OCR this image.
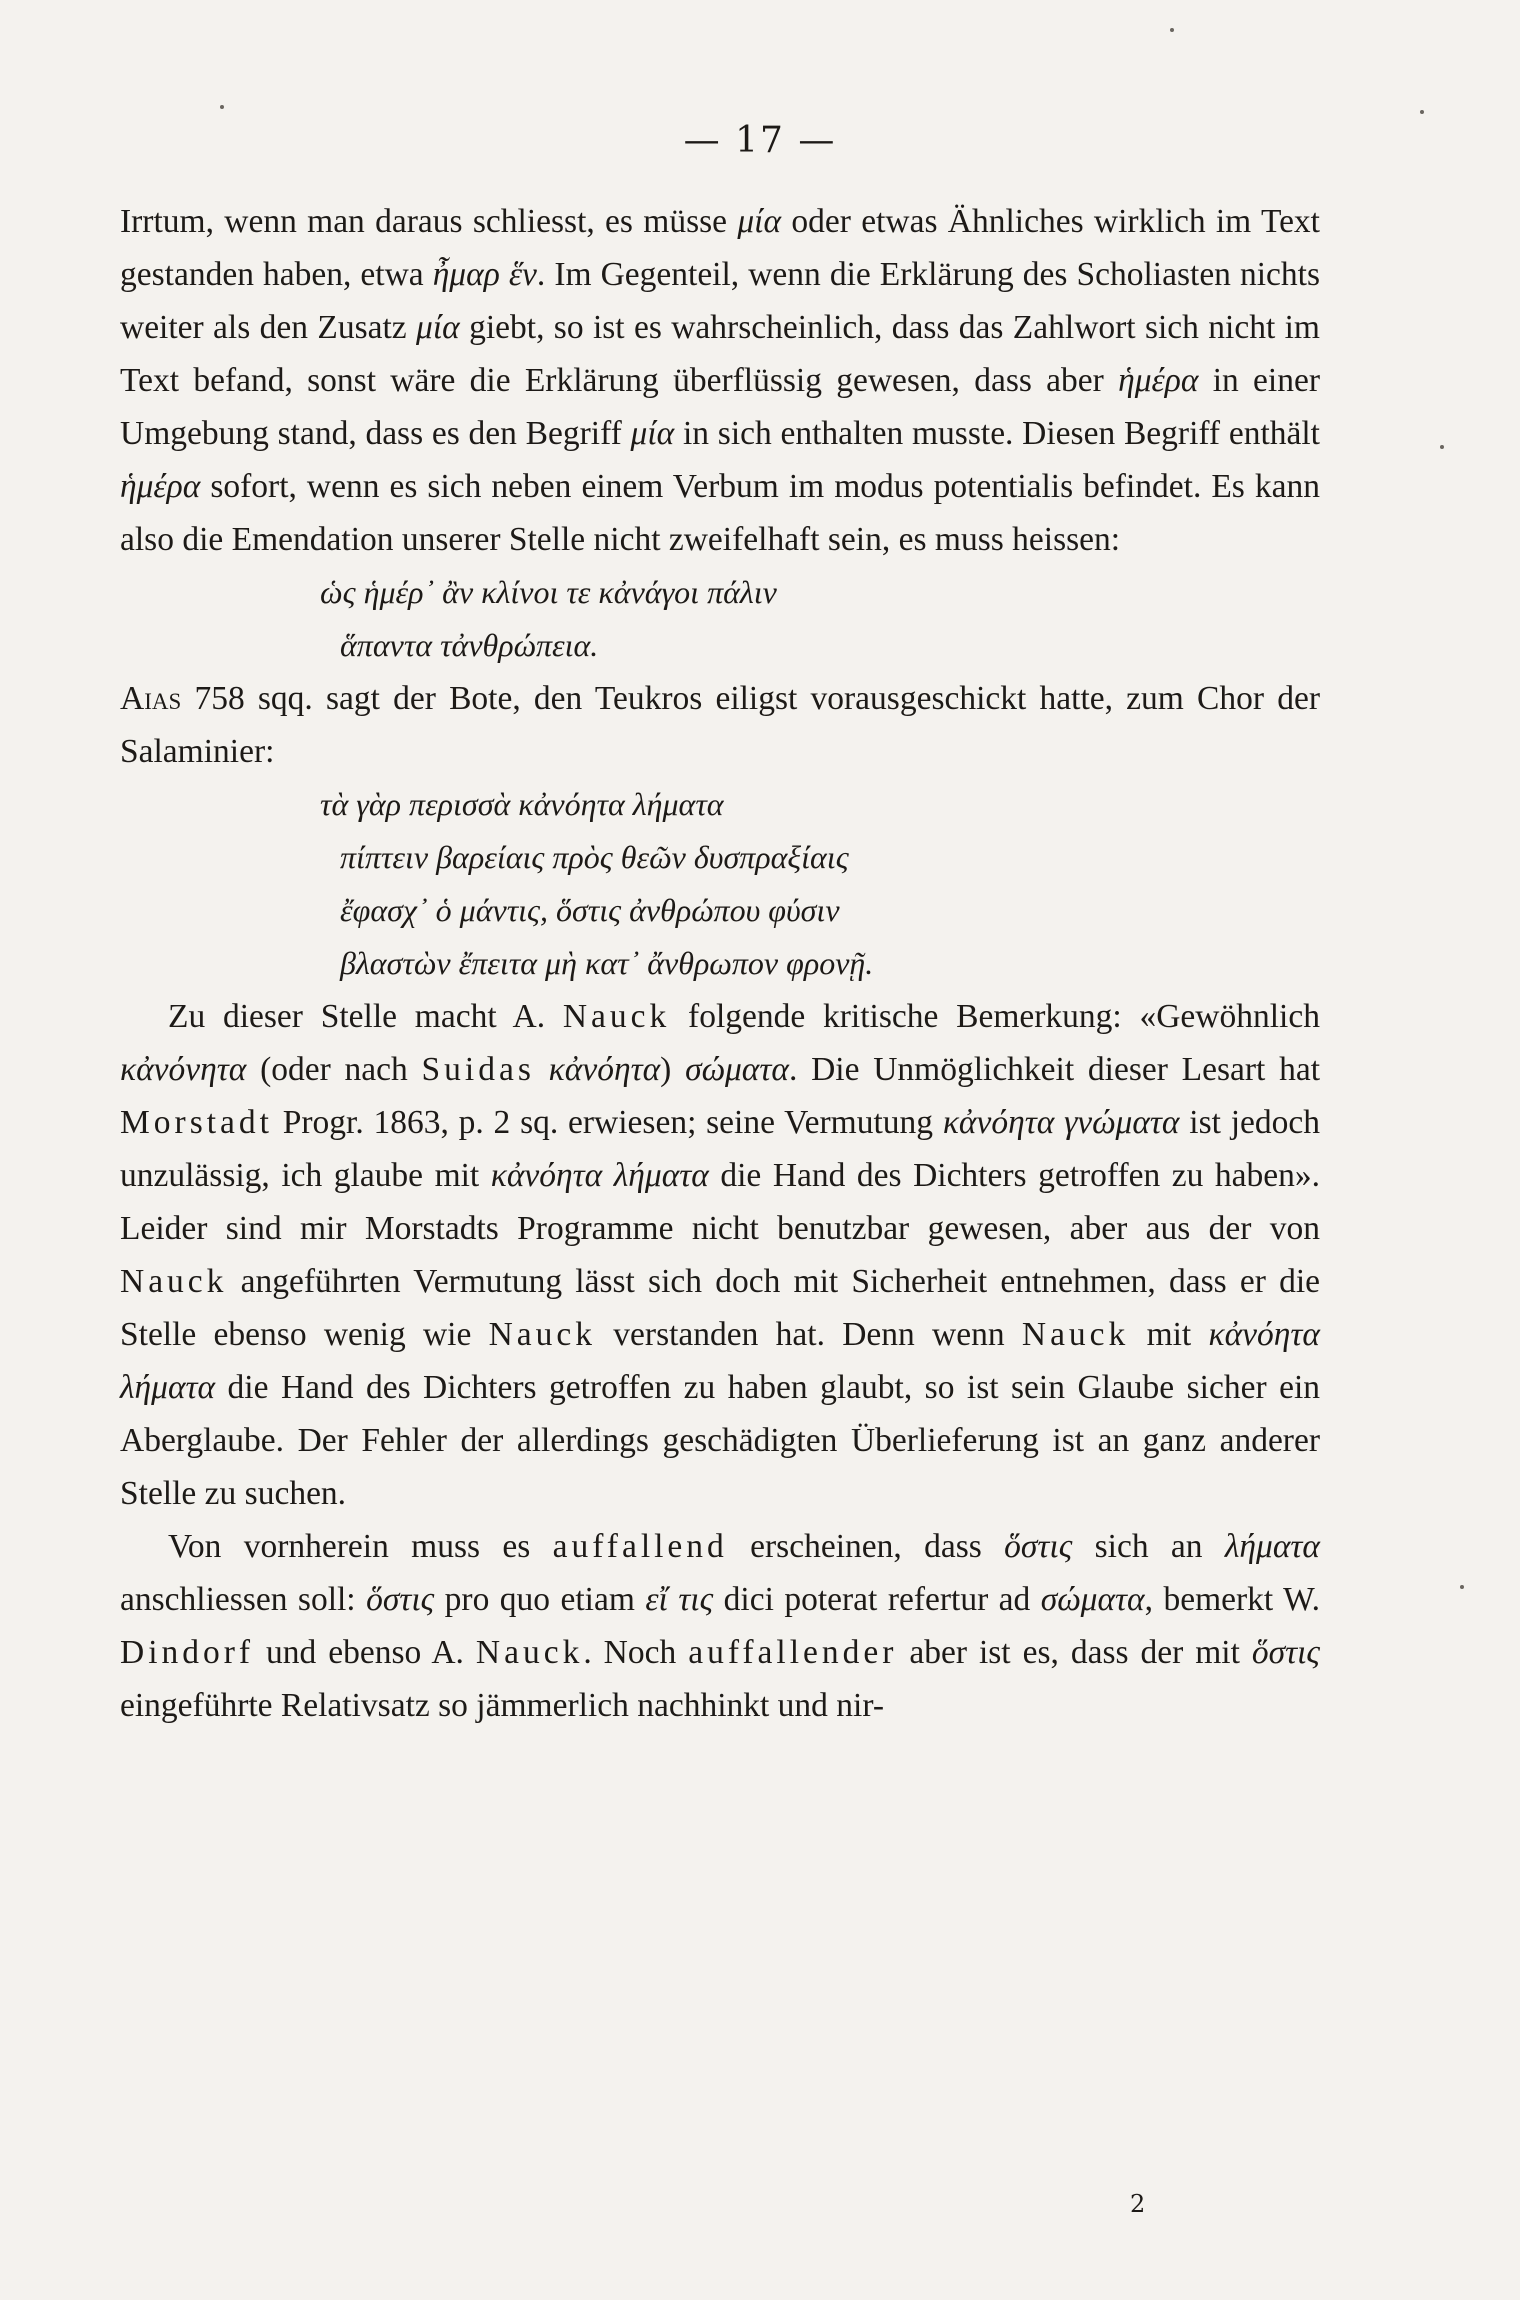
— 17 —

Irrtum, wenn man daraus schliesst, es müsse μία oder etwas Ähnliches wirklich im Text gestanden haben, etwa ἦμαρ ἕν. Im Gegenteil, wenn die Erklärung des Scholiasten nichts weiter als den Zusatz μία giebt, so ist es wahrscheinlich, dass das Zahlwort sich nicht im Text befand, sonst wäre die Erklärung überflüssig gewesen, dass aber ἡμέρα in einer Umgebung stand, dass es den Begriff μία in sich enthalten musste. Diesen Begriff enthält ἡμέρα sofort, wenn es sich neben einem Verbum im modus potentialis befindet. Es kann also die Emendation unserer Stelle nicht zweifelhaft sein, es muss heissen:

ὡς ἡμέρ᾽ ἂν κλίνοι τε κἀνάγοι πάλιν
ἅπαντα τἀνθρώπεια.

Aias 758 sqq. sagt der Bote, den Teukros eiligst vorausgeschickt hatte, zum Chor der Salaminier:

τὰ γὰρ περισσὰ κἀνόητα λήματα
πίπτειν βαρείαις πρὸς θεῶν δυσπραξίαις
ἔφασχ᾽ ὁ μάντις, ὅστις ἀνθρώπου φύσιν
βλαστὼν ἔπειτα μὴ κατ᾽ ἄνθρωπον φρονῇ.

Zu dieser Stelle macht A. Nauck folgende kritische Bemerkung: «Gewöhnlich κἀνόνητα (oder nach Suidas κἀνόητα) σώματα. Die Unmöglichkeit dieser Lesart hat Morstadt Progr. 1863, p. 2 sq. erwiesen; seine Vermutung κἀνόητα γνώματα ist jedoch unzulässig, ich glaube mit κἀνόητα λήματα die Hand des Dichters getroffen zu haben». Leider sind mir Morstadts Programme nicht benutzbar gewesen, aber aus der von Nauck angeführten Vermutung lässt sich doch mit Sicherheit entnehmen, dass er die Stelle ebenso wenig wie Nauck verstanden hat. Denn wenn Nauck mit κἀνόητα λήματα die Hand des Dichters getroffen zu haben glaubt, so ist sein Glaube sicher ein Aberglaube. Der Fehler der allerdings geschädigten Überlieferung ist an ganz anderer Stelle zu suchen.

Von vornherein muss es auffallend erscheinen, dass ὅστις sich an λήματα anschliessen soll: ὅστις pro quo etiam εἴ τις dici poterat refertur ad σώματα, bemerkt W. Dindorf und ebenso A. Nauck. Noch auffallender aber ist es, dass der mit ὅστις eingeführte Relativsatz so jämmerlich nachhinkt und nir-

2
